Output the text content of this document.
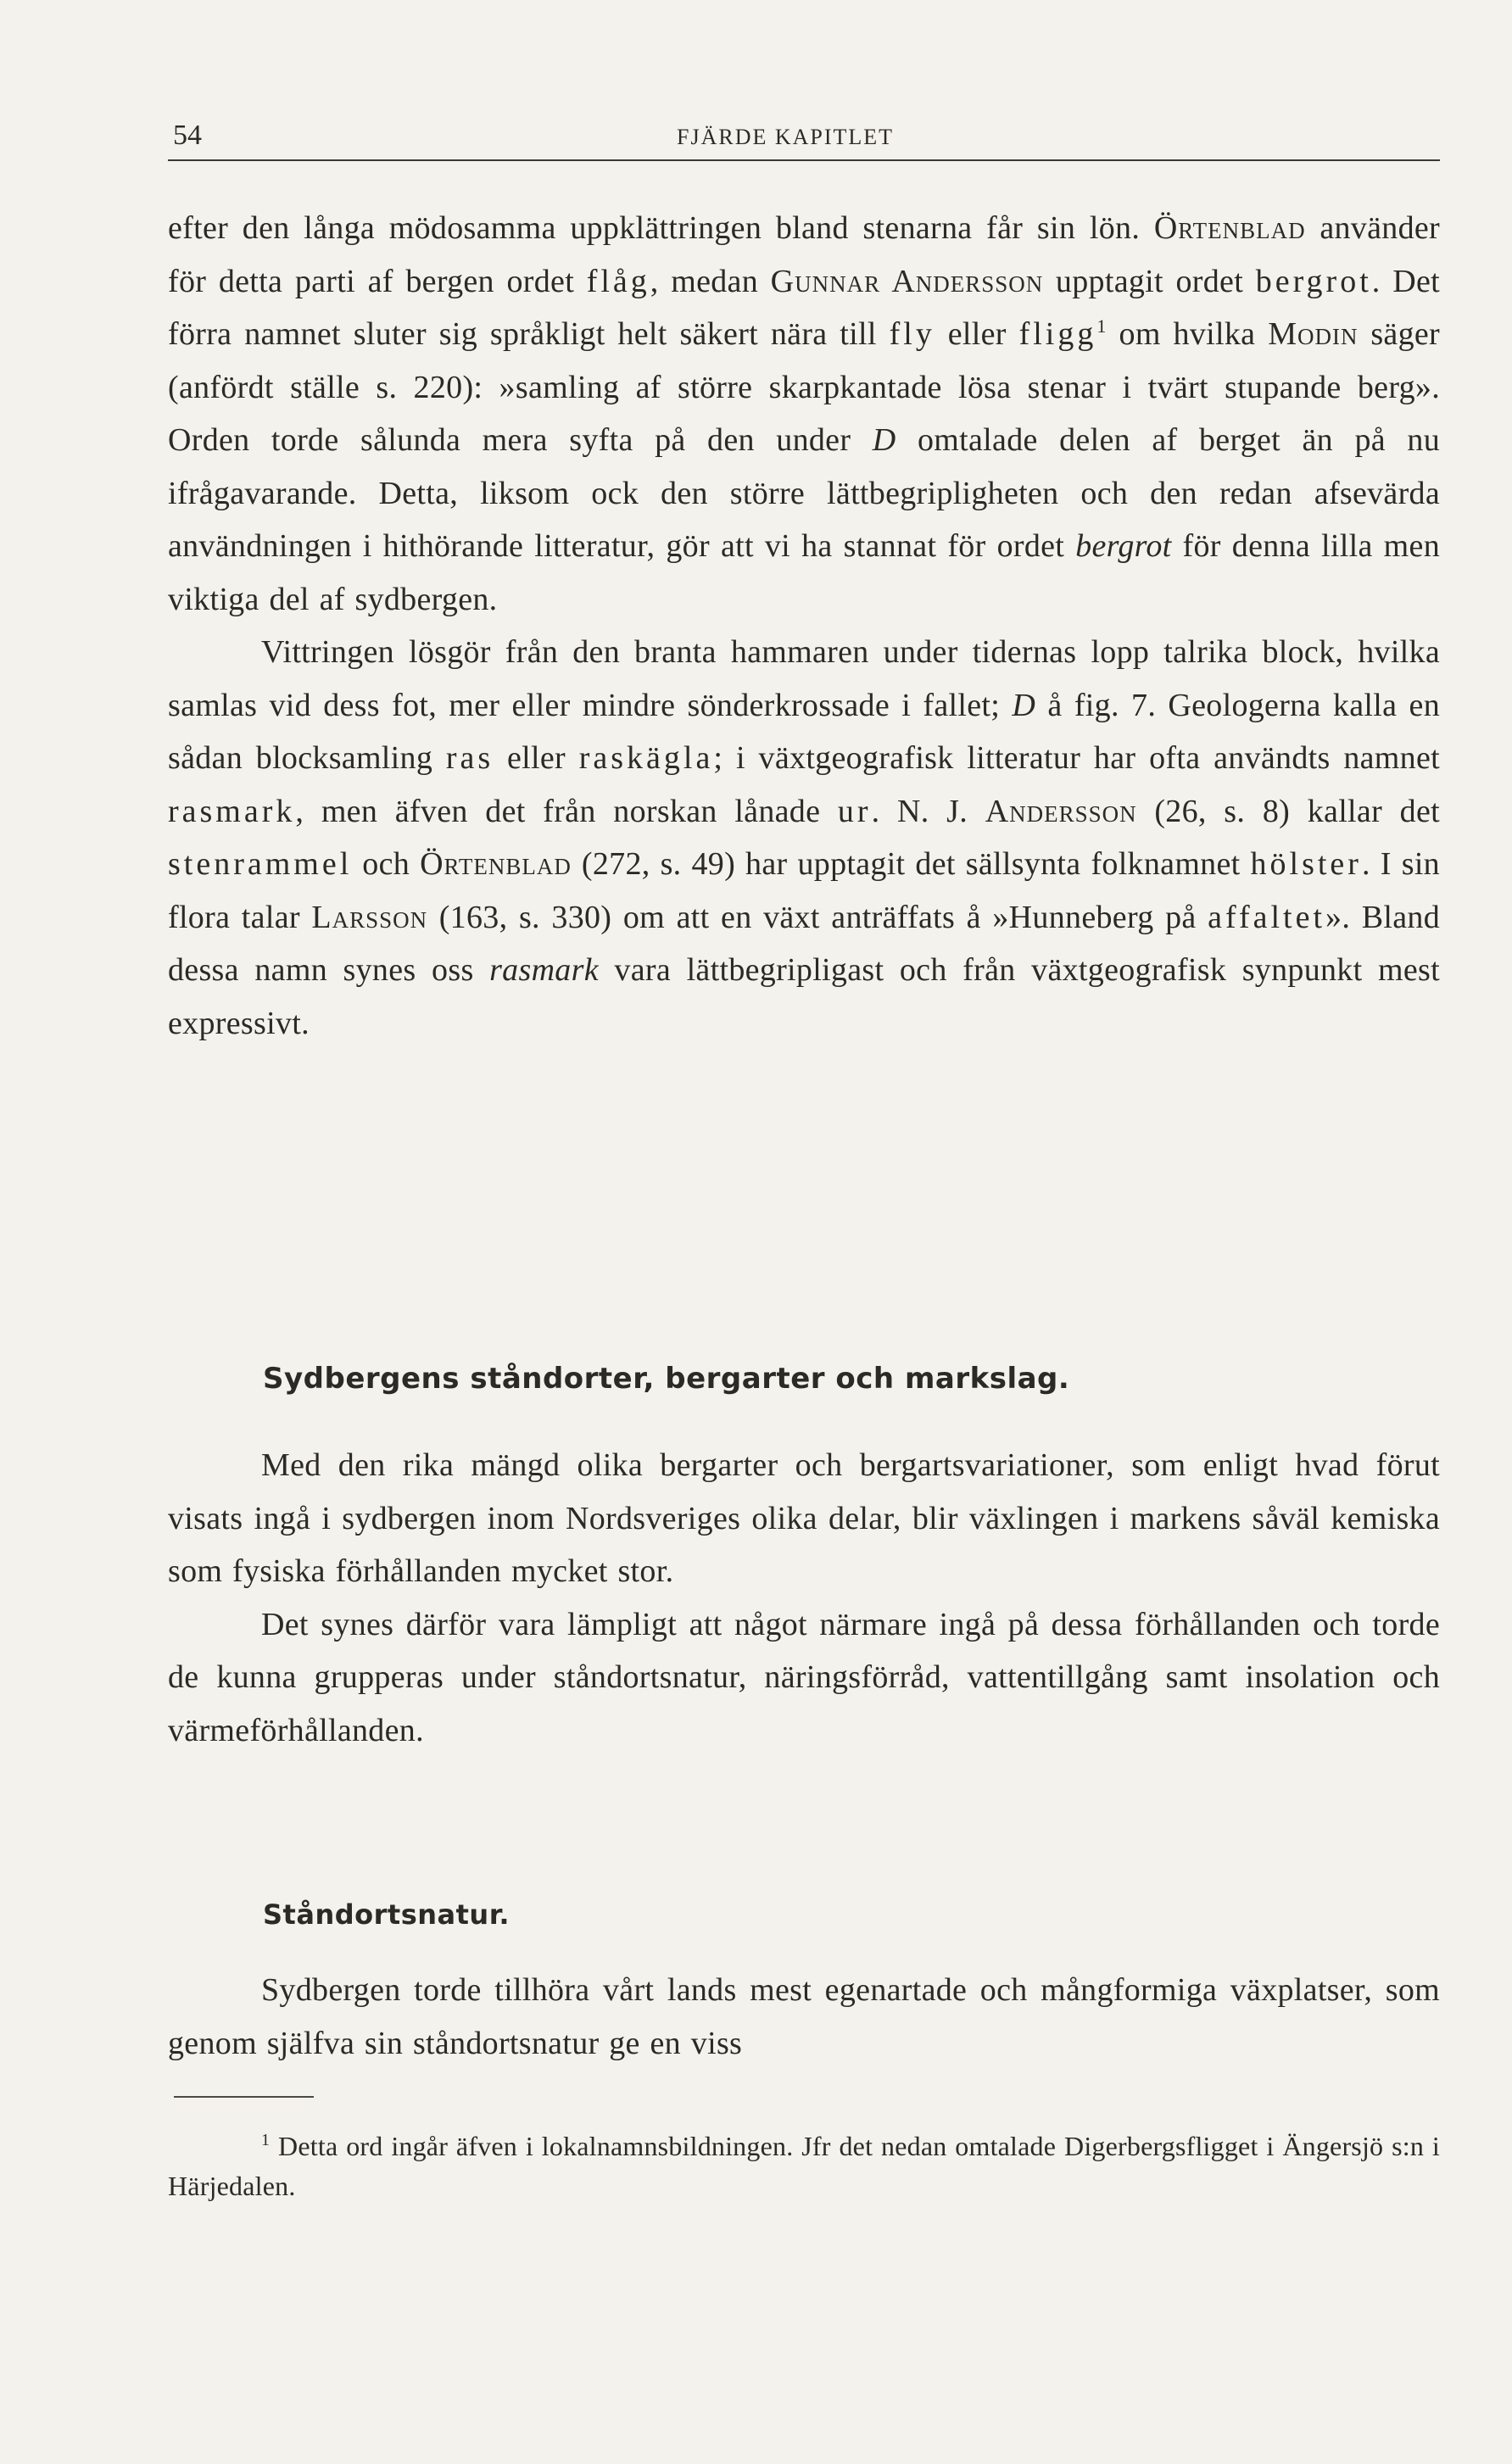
54	FJÄRDE KAPITLET

efter den långa mödosamma uppklättringen bland stenarna får sin lön. Örtenblad använder för detta parti af bergen ordet flåg, medan Gunnar Andersson upptagit ordet bergrot. Det förra namnet sluter sig språkligt helt säkert nära till fly eller fligg$^1$ om hvilka Modin säger (anfördt ställe s. 220): »samling af större skarpkantade lösa stenar i tvärt stupande berg». Orden torde sålunda mera syfta på den under D omtalade delen af berget än på nu ifrågavarande. Detta, liksom ock den större lättbegripligheten och den redan afsevärda användningen i hithörande litteratur, gör att vi ha stannat för ordet bergrot för denna lilla men viktiga del af sydbergen.

Vittringen lösgör från den branta hammaren under tidernas lopp talrika block, hvilka samlas vid dess fot, mer eller mindre sönderkrossade i fallet; D å fig. 7. Geologerna kalla en sådan blocksamling ras eller raskägla; i växtgeografisk litteratur har ofta användts namnet rasmark, men äfven det från norskan lånade ur. N. J. Andersson (26, s. 8) kallar det stenrammel och Örtenblad (272, s. 49) har upptagit det sällsynta folknamnet hölster. I sin flora talar Larsson (163, s. 330) om att en växt anträffats å »Hunneberg på affaltet». Bland dessa namn synes oss rasmark vara lättbegripligast och från växtgeografisk synpunkt mest expressivt.

Sydbergens ståndorter, bergarter och markslag.

Med den rika mängd olika bergarter och bergartsvariationer, som enligt hvad förut visats ingå i sydbergen inom Nordsveriges olika delar, blir växlingen i markens såväl kemiska som fysiska förhållanden mycket stor.

Det synes därför vara lämpligt att något närmare ingå på dessa förhållanden och torde de kunna grupperas under ståndortsnatur, näringsförråd, vattentillgång samt insolation och värmeförhållanden.

Ståndortsnatur.

Sydbergen torde tillhöra vårt lands mest egenartade och mångformiga växplatser, som genom själfva sin ståndortsnatur ge en viss

$^1$ Detta ord ingår äfven i lokalnamnsbildningen. Jfr det nedan omtalade Digerbergsfligget i Ängersjö s:n i Härjedalen.
